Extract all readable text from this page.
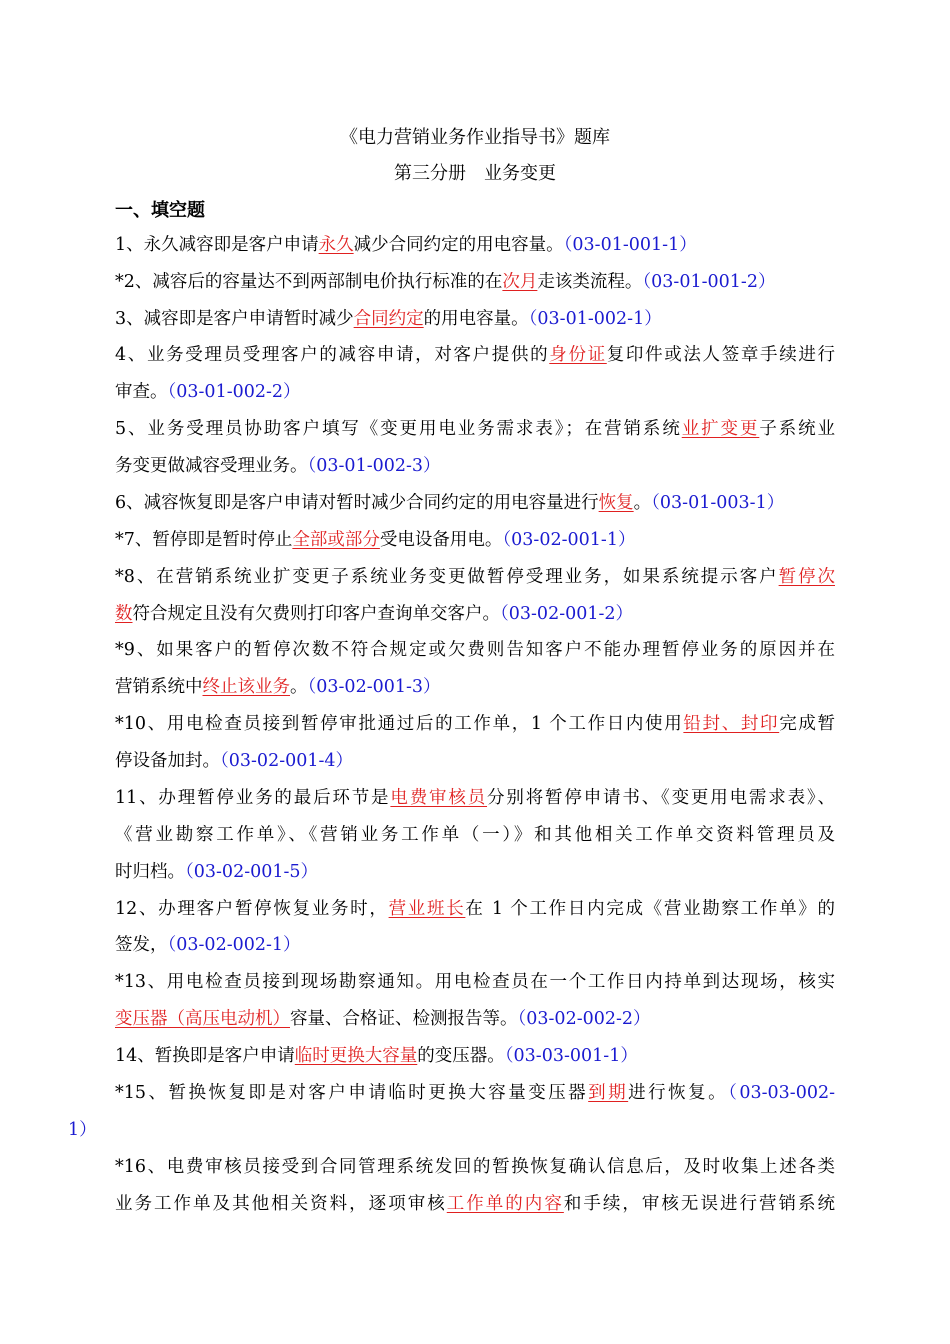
《电力营销业务作业指导书》题库
第三分册　业务变更
一、填空题
1、永久减容即是客户申请永久减少合同约定的用电容量。（03-01-001-1）
*2、减容后的容量达不到两部制电价执行标准的在次月走该类流程。（03-01-001-2）
3、减容即是客户申请暂时减少合同约定的用电容量。（03-01-002-1）
4、业务受理员受理客户的减容申请，对客户提供的身份证复印件或法人签章手续进行
审查。（03-01-002-2）
5、业务受理员协助客户填写《变更用电业务需求表》；在营销系统业扩变更子系统业
务变更做减容受理业务。（03-01-002-3）
6、减容恢复即是客户申请对暂时减少合同约定的用电容量进行恢复。（03-01-003-1）
*7、暂停即是暂时停止全部或部分受电设备用电。（03-02-001-1）
*8、在营销系统业扩变更子系统业务变更做暂停受理业务，如果系统提示客户暂停次
数符合规定且没有欠费则打印客户查询单交客户。（03-02-001-2）
*9、如果客户的暂停次数不符合规定或欠费则告知客户不能办理暂停业务的原因并在
营销系统中终止该业务。（03-02-001-3）
*10、用电检查员接到暂停审批通过后的工作单，1 个工作日内使用铅封、封印完成暂
停设备加封。（03-02-001-4）
11、办理暂停业务的最后环节是电费审核员分别将暂停申请书、《变更用电需求表》、
《营业勘察工作单》、《营销业务工作单（一）》和其他相关工作单交资料管理员及
时归档。（03-02-001-5）
12、办理客户暂停恢复业务时，营业班长在 1 个工作日内完成《营业勘察工作单》的
签发，（03-02-002-1）
*13、用电检查员接到现场勘察通知。用电检查员在一个工作日内持单到达现场，核实
变压器（高压电动机）容量、合格证、检测报告等。（03-02-002-2）
14、暂换即是客户申请临时更换大容量的变压器。（03-03-001-1）
*15、暂换恢复即是对客户申请临时更换大容量变压器到期进行恢复。（03-03-002-
1）
*16、电费审核员接受到合同管理系统发回的暂换恢复确认信息后，及时收集上述各类
业务工作单及其他相关资料，逐项审核工作单的内容和手续，审核无误进行营销系统
